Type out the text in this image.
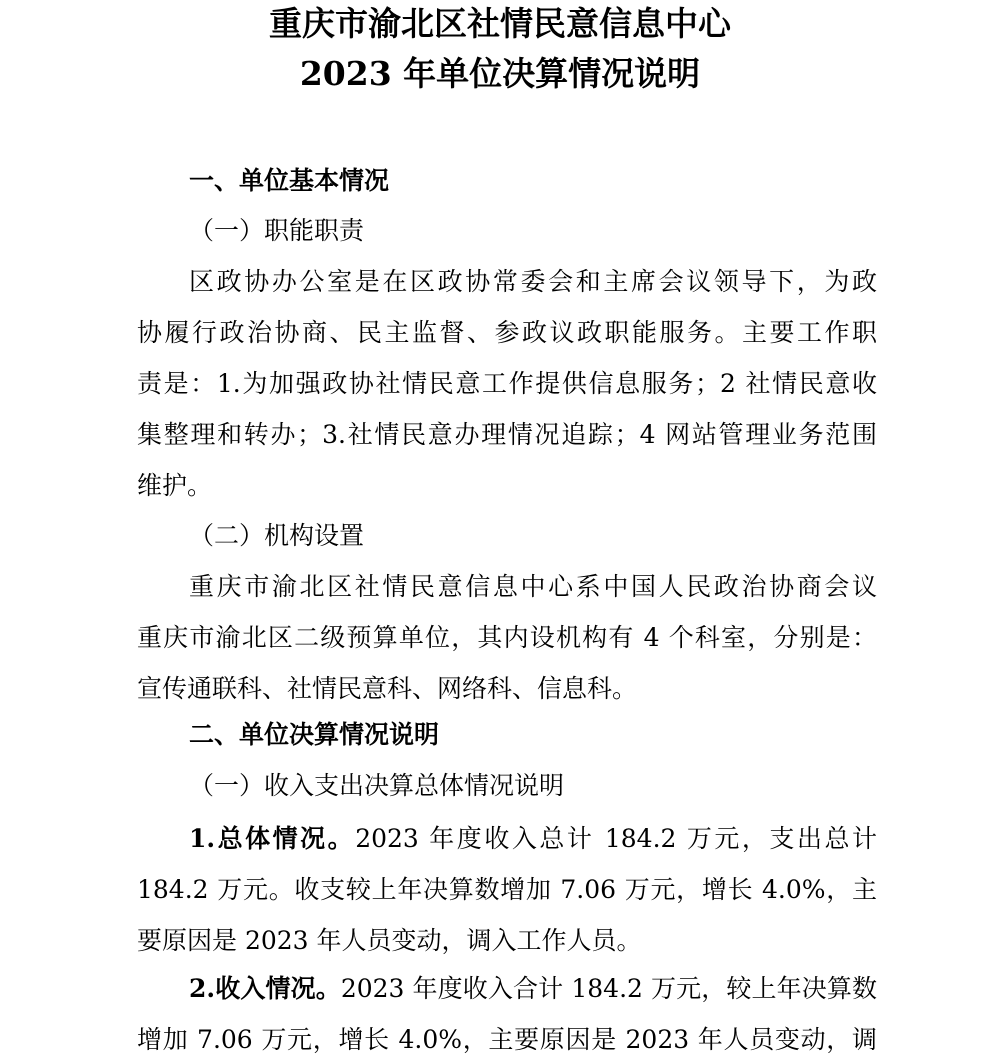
重庆市渝北区社情民意信息中心
2023 年单位决算情况说明
一、单位基本情况
（一）职能职责
区政协办公室是在区政协常委会和主席会议领导下，为政
协履行政治协商、民主监督、参政议政职能服务。主要工作职
责是：1.为加强政协社情民意工作提供信息服务；2 社情民意收
集整理和转办；3.社情民意办理情况追踪；4 网站管理业务范围
维护。
（二）机构设置
重庆市渝北区社情民意信息中心系中国人民政治协商会议
重庆市渝北区二级预算单位，其内设机构有 4 个科室，分别是：
宣传通联科、社情民意科、网络科、信息科。
二、单位决算情况说明
（一）收入支出决算总体情况说明
1.总体情况。2023 年度收入总计 184.2 万元，支出总计
184.2 万元。收支较上年决算数增加 7.06 万元，增长 4.0%，主
要原因是 2023 年人员变动，调入工作人员。
2.收入情况。2023 年度收入合计 184.2 万元，较上年决算数
增加 7.06 万元，增长 4.0%，主要原因是 2023 年人员变动，调
